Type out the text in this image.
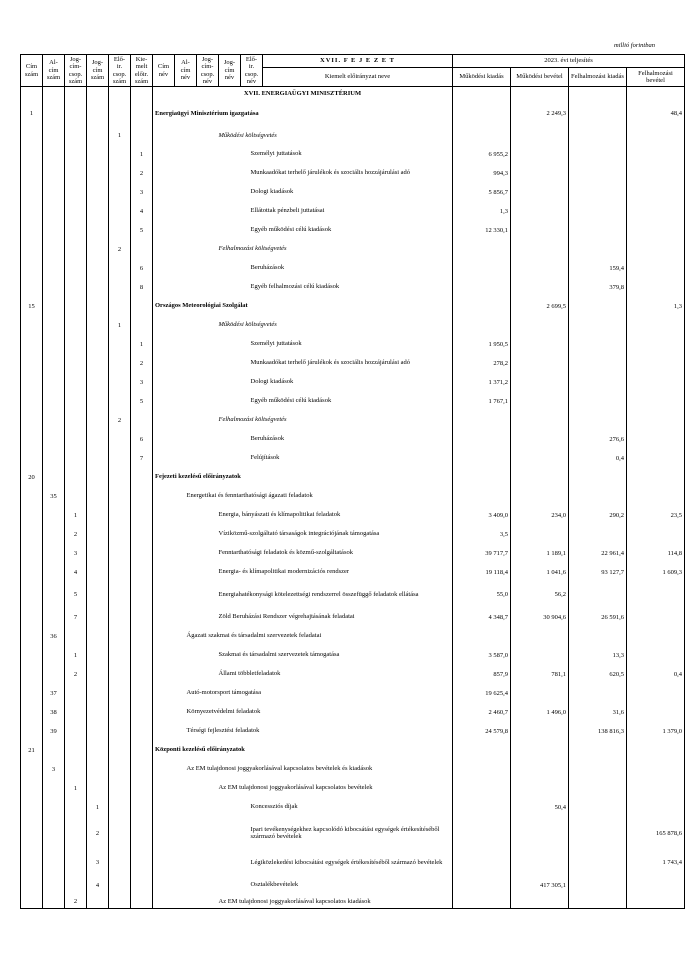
millió forintban
Cím szám	Al- cím szám	Jog- cím- csop. szám	Jog- cím szám	Elő- ir. csop. szám	Kie- melt előir. szám	Cím név	Al- cím név	Jog- cím- csop. név	Jog- cím név	Elő- ir. csop. név	XVII. F E J E Z E T	2023. évi teljesítés			
											Kiemelt előirányzat neve	Működési kiadás	Működési bevétel	Felhalmozási kiadás	Felhalmozási bevétel
						XVII. ENERGIAÜGYI MINISZTÉRIUM									
1						Energiaügyi Minisztérium igazgatása							2 249,3		48,4
				1				Működési költségvetés							
					1				Személyi juttatások			6 955,2			
					2				Munkaadókat terhelő járulékok és szociális hozzájárulási adó			994,3			
					3				Dologi kiadások			5 856,7			
					4				Ellátottak pénzbeli juttatásai			1,3			
					5				Egyéb működési célú kiadások			12 330,1			
				2				Felhalmozási költségvetés							
					6				Beruházások					159,4	
					8				Egyéb felhalmozási célú kiadások					379,8	
15						Országos Meteorológiai Szolgálat							2 699,5		1,3
				1				Működési költségvetés							
					1				Személyi juttatások			1 950,5			
					2				Munkaadókat terhelő járulékok és szociális hozzájárulási adó			278,2			
					3				Dologi kiadások			1 371,2			
					5				Egyéb működési célú kiadások			1 767,1			
				2				Felhalmozási költségvetés							
					6				Beruházások					276,6	
					7				Felújítások					0,4	
20						Fejezeti kezelésű előirányzatok									
	35						Energetikai és fenntarthatósági ágazati feladatok								
		1						Energia, bányászati és klímapolitikai feladatok				3 409,0	234,0	290,2	23,5
		2						Víziközmű-szolgáltató társaságok integrációjának támogatása				3,5			
		3						Fenntarthatósági feladatok és közmű-szolgáltatások				39 717,7	1 189,1	22 961,4	114,8
		4						Energia- és klímapolitikai modernizációs rendszer				19 118,4	1 041,6	93 127,7	1 609,3
		5						Energiahatékonysági kötelezettségi rendszerrel összefüggő feladatok ellátása				55,0	56,2		
		7						Zöld Beruházási Rendszer végrehajtásának feladatai				4 348,7	30 904,6	26 591,6	
	36						Ágazati szakmai és társadalmi szervezetek feladatai								
		1						Szakmai és társadalmi szervezetek támogatása				3 587,0		13,3	
		2						Állami többletfeladatok				857,9	781,1	620,5	0,4
	37						Autó-motorsport támogatása					19 625,4			
	38						Környezetvédelmi feladatok					2 460,7	1 496,0	31,6	
	39						Térségi fejlesztési feladatok					24 579,8		138 816,3	1 379,0
21						Központi kezelésű előirányzatok									
	3						Az EM tulajdonosi joggyakorlásával kapcsolatos bevételek és kiadások								
		1						Az EM tulajdonosi joggyakorlásával kapcsolatos bevételek							
			1						Koncessziós díjak				50,4		
			2						Ipari tevékenységekhez kapcsolódó kibocsátási egységek értékesítéséből származó bevételek						165 878,6
			3						Légiközlekedési kibocsátási egységek értékesítéséből származó bevételek						1 743,4
			4						Osztalékbevételek				417 305,1		
		2						Az EM tulajdonosi joggyakorlásával kapcsolatos kiadások							
